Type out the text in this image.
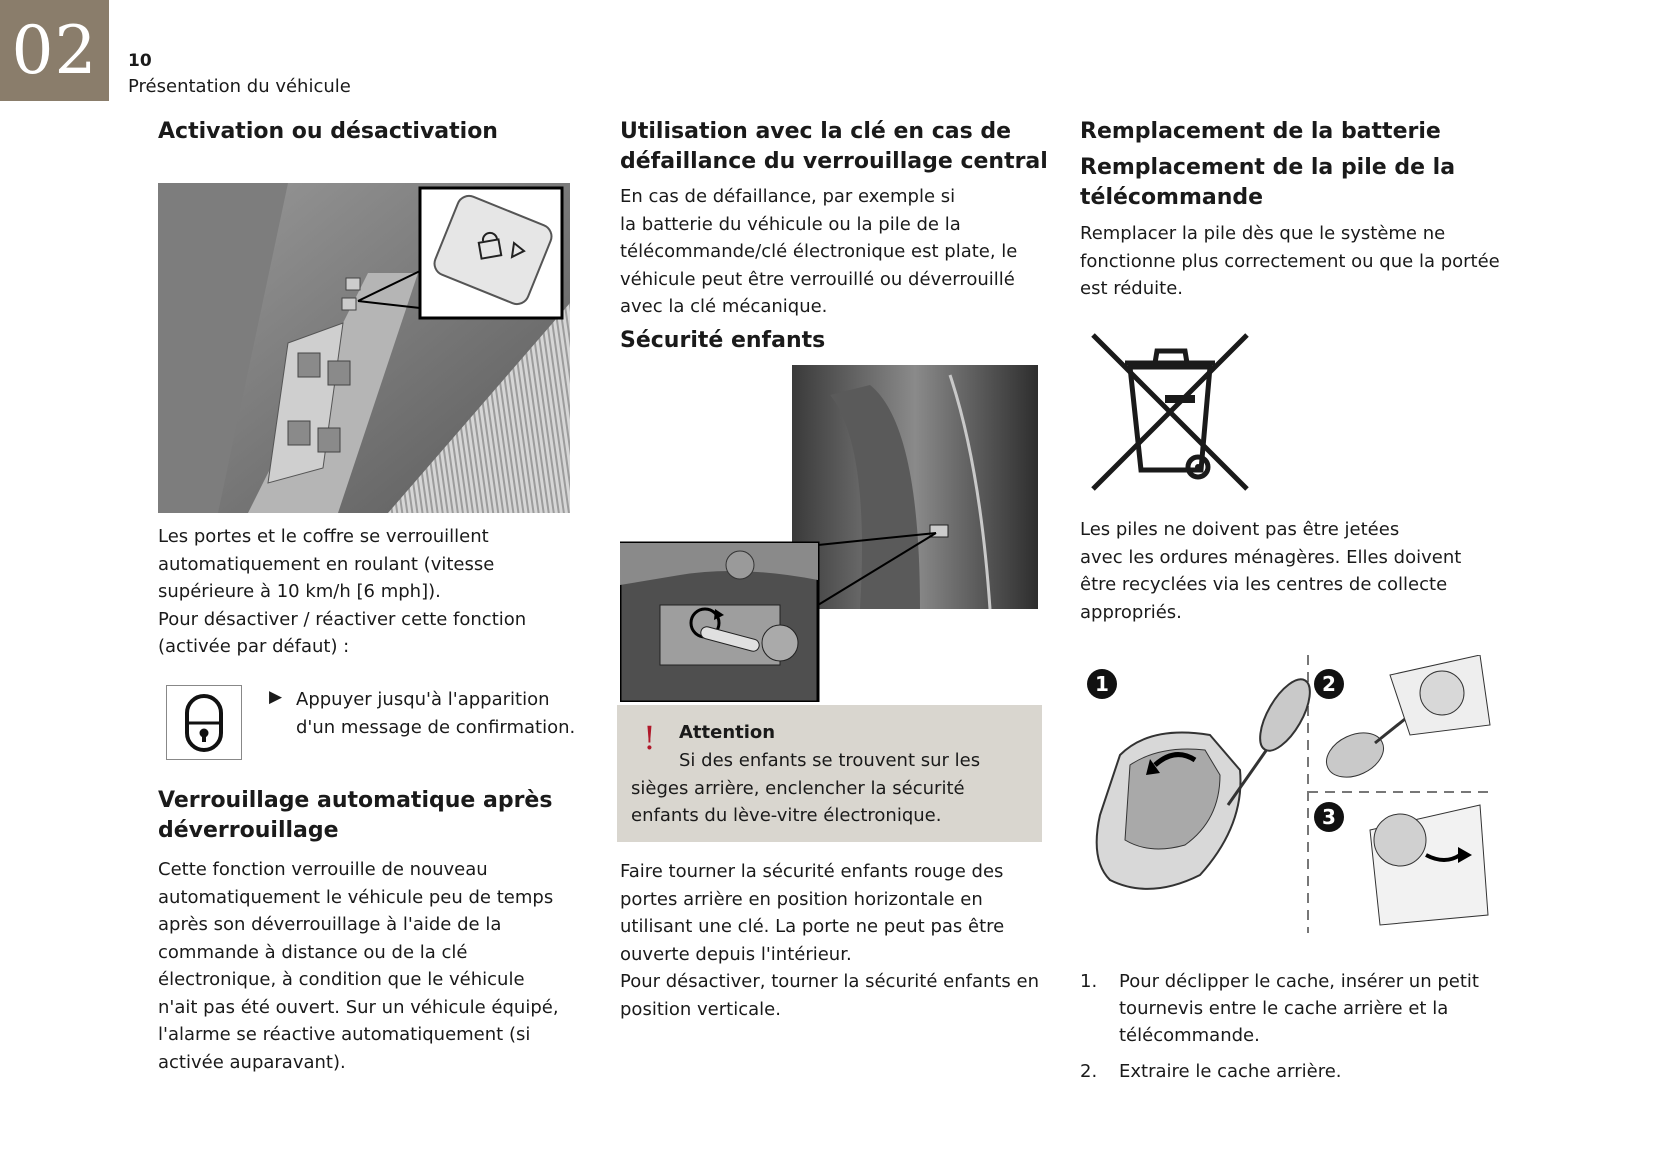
02	10
Présentation du véhicule
Activation ou désactivation

Les portes et le coffre se verrouillent

automatiquement en roulant (vitesse

supérieure à 10 km/h [6 mph]).

Pour désactiver / réactiver cette fonction

(activée par défaut) :

▶ Appuyer jusqu'à l'apparition

d'un message de confirmation.

Verrouillage automatique après
déverrouillage

Cette fonction verrouille de nouveau

automatiquement le véhicule peu de temps

après son déverrouillage à l'aide de la

commande à distance ou de la clé

électronique, à condition que le véhicule

n'ait pas été ouvert. Sur un véhicule équipé,

l'alarme se réactive automatiquement (si

activée auparavant).

Utilisation avec la clé en cas de
défaillance du verrouillage central

En cas de défaillance, par exemple si

la batterie du véhicule ou la pile de la

télécommande/clé électronique est plate, le

véhicule peut être verrouillé ou déverrouillé

avec la clé mécanique.

Sécurité enfants
! Attention

Si des enfants se trouvent sur les sièges arrière, enclencher la sécurité enfants du lève-vitre électronique.

Faire tourner la sécurité enfants rouge des

portes arrière en position horizontale en

utilisant une clé. La porte ne peut pas être

ouverte depuis l'intérieur.

Pour désactiver, tourner la sécurité enfants en

position verticale.

Remplacement de la batterie
Remplacement de la pile de la
télécommande

Remplacer la pile dès que le système ne

fonctionne plus correctement ou que la portée

est réduite.

Les piles ne doivent pas être jetées

avec les ordures ménagères. Elles doivent

être recyclées via les centres de collecte

appropriés.

1	2
3
1. Pour déclipper le cache, insérer un petit
tournevis entre le cache arrière et la
télécommande.
2. Extraire le cache arrière.
